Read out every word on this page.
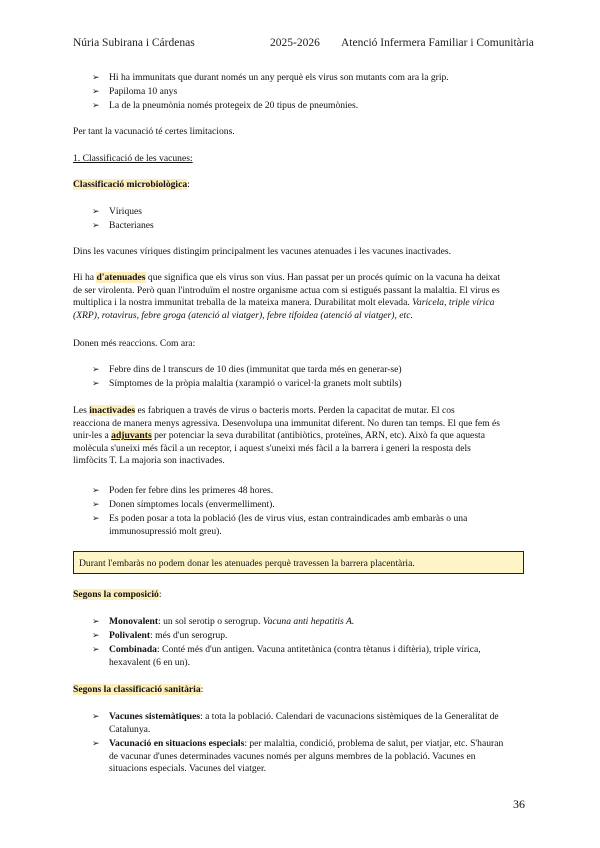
Núria Subirana i Cárdenas	2025-2026 Atenció Infermera Familiar i Comunitària
➢ Hi ha immunitats que durant només un any perquè els virus son mutants com ara la grip.
➢ Papiloma 10 anys
➢ La de la pneumònia només protegeix de 20 tipus de pneumònies.
Per tant la vacunació té certes limitacions.
1. Classificació de les vacunes:
Classificació microbiològica:
➢ Víriques
➢ Bacterianes
Dins les vacunes víriques distingim principalment les vacunes atenuades i les vacunes inactivades.
Hi ha d'atenuades que significa que els virus son vius. Han passat per un procés químic on la vacuna ha deixat
de ser virolenta. Però quan l'introduïm el nostre organisme actua com si estigués passant la malaltia. El virus es
multiplica i la nostra immunitat treballa de la mateixa manera. Durabilitat molt elevada. Varicela, triple vírica
(XRP), rotavirus, febre groga (atenció al viatger), febre tifoidea (atenció al viatger), etc.
Donen més reaccions. Com ara:
➢ Febre dins de l transcurs de 10 dies (immunitat que tarda més en generar-se)
➢ Símptomes de la pròpia malaltia (xarampió o varicel·la granets molt subtils)
Les inactivades es fabriquen a través de virus o bacteris morts. Perden la capacitat de mutar. El cos
reacciona de manera menys agressiva. Desenvolupa una immunitat diferent. No duren tan temps. El que fem és
unir-les a adjuvants per potenciar la seva durabilitat (antibiòtics, proteïnes, ARN, etc). Això fa que aquesta
molècula s'uneixi més fàcil a un receptor, i aquest s'uneixi més fàcil a la barrera i generi la resposta dels
limfòcits T. La majoria son inactivades.
➢ Poden fer febre dins les primeres 48 hores.
➢ Donen símptomes locals (envermelliment).
➢ Es poden posar a tota la població (les de virus vius, estan contraindicades amb embaràs o una
immunosupressió molt greu).
Durant l'embaràs no podem donar les atenuades perquè travessen la barrera placentària.
Segons la composició:
➢ Monovalent: un sol serotip o serogrup. Vacuna anti hepatitis A.
➢ Polivalent: més d'un serogrup.
➢ Combinada: Conté més d'un antigen. Vacuna antitetànica (contra tètanus i diftèria), triple vírica,
hexavalent (6 en un).
Segons la classificació sanitària:
➢ Vacunes sistemàtiques: a tota la població. Calendari de vacunacions sistèmiques de la Generalitat de
Catalunya.
➢ Vacunació en situacions especials: per malaltia, condició, problema de salut, per viatjar, etc. S'hauran
de vacunar d'unes determinades vacunes només per alguns membres de la població. Vacunes en
situacions especials. Vacunes del viatger.
36
